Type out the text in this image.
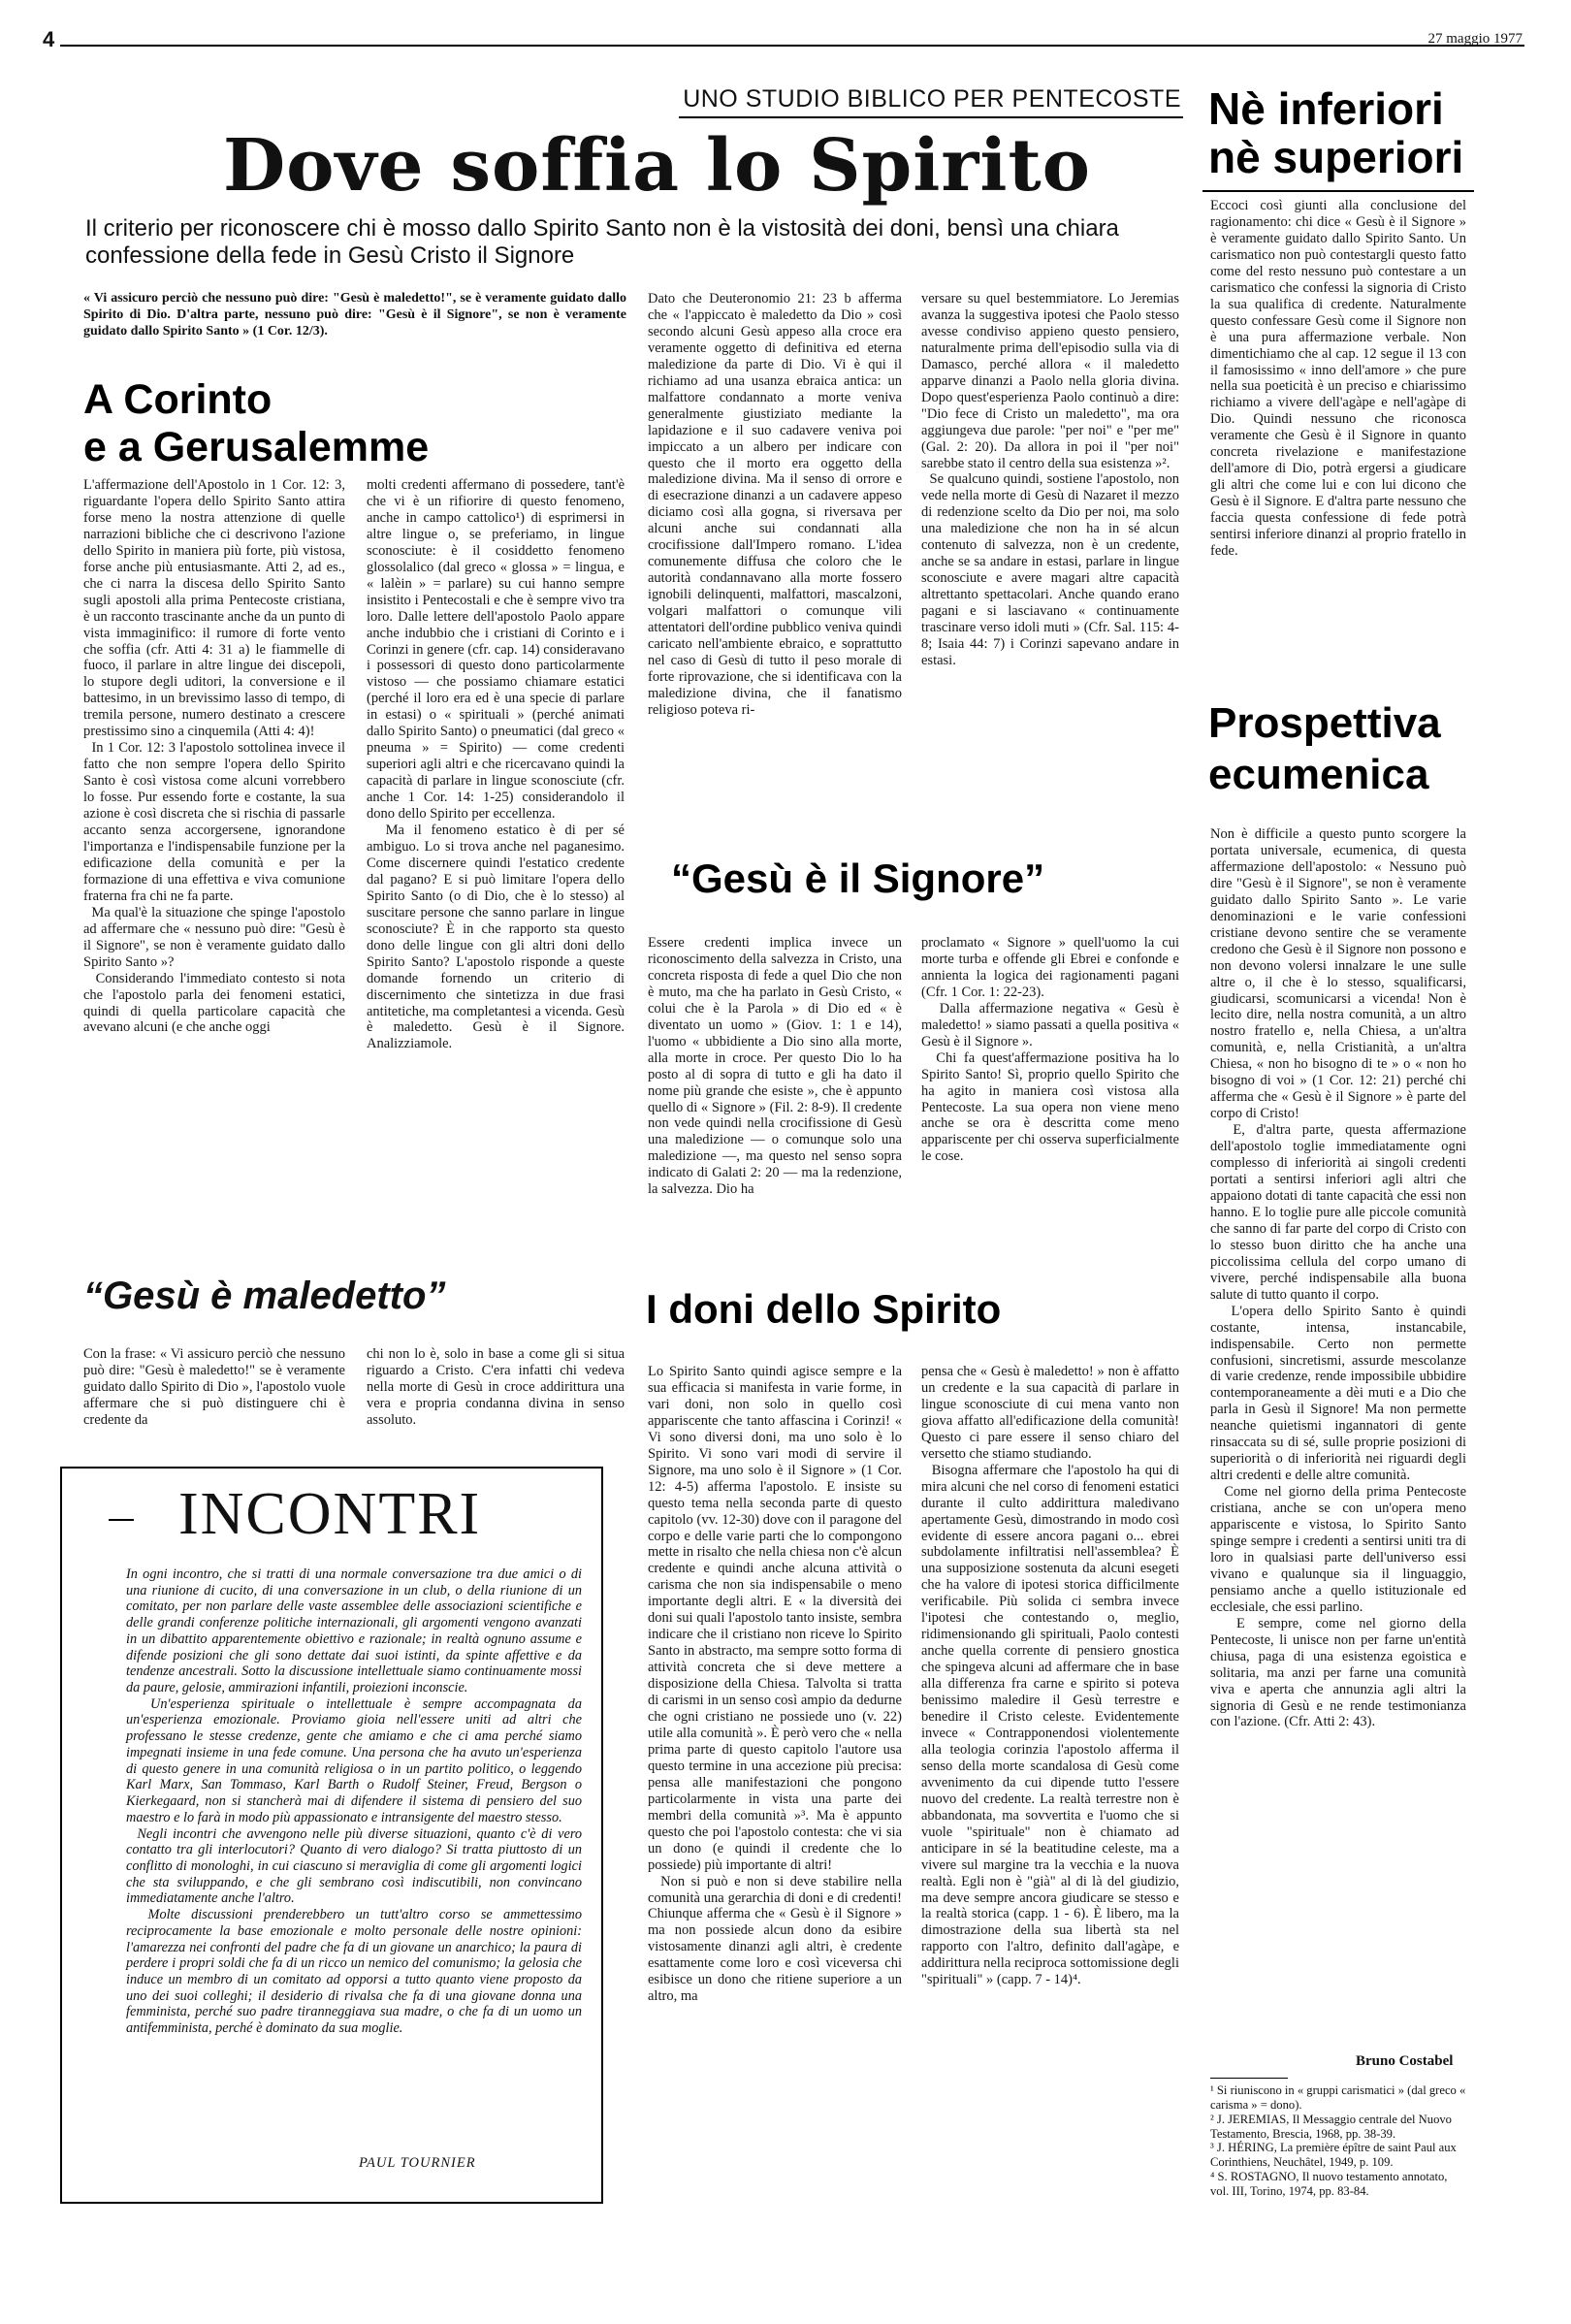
4	27 maggio 1977
UNO STUDIO BIBLICO PER PENTECOSTE
Dove soffia lo Spirito
Il criterio per riconoscere chi è mosso dallo Spirito Santo non è la vistosità dei doni, bensì una chiara confessione della fede in Gesù Cristo il Signore
« Vi assicuro perciò che nessuno può dire: "Gesù è maledetto!", se è veramente guidato dallo Spirito di Dio. D'altra parte, nessuno può dire: "Gesù è il Signore", se non è veramente guidato dallo Spirito Santo » (1 Cor. 12/3).
A Corinto
e a Gerusalemme
“Gesù è il Signore”
“Gesù è maledetto”	I doni dello Spirito
L'affermazione dell'Apostolo in 1 Cor. 12: 3, riguardante l'opera dello Spirito Santo attira forse meno la nostra attenzione di quelle narrazioni bibliche che ci descrivono l'azione dello Spirito in maniera più forte, più vistosa, forse anche più entusiasmante. Atti 2, ad es., che ci narra la discesa dello Spirito Santo sugli apostoli alla prima Pentecoste cristiana, è un racconto trascinante anche da un punto di vista immaginifico: il rumore di forte vento che soffia (cfr. Atti 4: 31 a) le fiammelle di fuoco, il parlare in altre lingue dei discepoli, lo stupore degli uditori, la conversione e il battesimo, in un brevissimo lasso di tempo, di tremila persone, numero destinato a crescere prestissimo sino a cinquemila (Atti 4: 4)!
In 1 Cor. 12: 3 l'apostolo sottolinea invece il fatto che non sempre l'opera dello Spirito Santo è così vistosa come alcuni vorrebbero lo fosse. Pur essendo forte e costante, la sua azione è così discreta che si rischia di passarle accanto senza accorgersene, ignorandone l'importanza e l'indispensabile funzione per la edificazione della comunità e per la formazione di una effettiva e viva comunione fraterna fra chi ne fa parte.
Ma qual'è la situazione che spinge l'apostolo ad affermare che « nessuno può dire: "Gesù è il Signore", se non è veramente guidato dallo Spirito Santo »?
Considerando l'immediato contesto si nota che l'apostolo parla dei fenomeni estatici, quindi di quella particolare capacità che avevano alcuni (e che anche oggi
molti credenti affermano di possedere, tant'è che vi è un rifiorire di questo fenomeno, anche in campo cattolico¹) di esprimersi in altre lingue o, se preferiamo, in lingue sconosciute: è il cosiddetto fenomeno glossolalico (dal greco « glossa » = lingua, e « lalèin » = parlare) su cui hanno sempre insistito i Pentecostali e che è sempre vivo tra loro. Dalle lettere dell'apostolo Paolo appare anche indubbio che i cristiani di Corinto e i Corinzi in genere (cfr. cap. 14) consideravano i possessori di questo dono particolarmente vistoso — che possiamo chiamare estatici (perché il loro era ed è una specie di parlare in estasi) o « spirituali » (perché animati dallo Spirito Santo) o pneumatici (dal greco « pneuma » = Spirito) — come credenti superiori agli altri e che ricercavano quindi la capacità di parlare in lingue sconosciute (cfr. anche 1 Cor. 14: 1-25) considerandolo il dono dello Spirito per eccellenza.
Ma il fenomeno estatico è di per sé ambiguo. Lo si trova anche nel paganesimo. Come discernere quindi l'estatico credente dal pagano? E si può limitare l'opera dello Spirito Santo (o di Dio, che è lo stesso) al suscitare persone che sanno parlare in lingue sconosciute? È in che rapporto sta questo dono delle lingue con gli altri doni dello Spirito Santo? L'apostolo risponde a queste domande fornendo un criterio di discernimento che sintetizza in due frasi antitetiche, ma completantesi a vicenda. Gesù è maledetto. Gesù è il Signore. Analizziamole.
Dato che Deuteronomio 21: 23 b afferma che « l'appiccato è maledetto da Dio » così secondo alcuni Gesù appeso alla croce era veramente oggetto di definitiva ed eterna maledizione da parte di Dio. Vi è qui il richiamo ad una usanza ebraica antica: un malfattore condannato a morte veniva generalmente giustiziato mediante la lapidazione e il suo cadavere veniva poi impiccato a un albero per indicare con questo che il morto era oggetto della maledizione divina. Ma il senso di orrore e di esecrazione dinanzi a un cadavere appeso diciamo così alla gogna, si riversava per alcuni anche sui condannati alla crocifissione dall'Impero romano. L'idea comunemente diffusa che coloro che le autorità condannavano alla morte fossero ignobili delinquenti, malfattori, mascalzoni, volgari malfattori o comunque vili attentatori dell'ordine pubblico veniva quindi caricato nell'ambiente ebraico, e soprattutto nel caso di Gesù di tutto il peso morale di forte riprovazione, che si identificava con la maledizione divina, che il fanatismo religioso poteva ri-
versare su quel bestemmiatore. Lo Jeremias avanza la suggestiva ipotesi che Paolo stesso avesse condiviso appieno questo pensiero, naturalmente prima dell'episodio sulla via di Damasco, perché allora « il maledetto apparve dinanzi a Paolo nella gloria divina. Dopo quest'esperienza Paolo continuò a dire: "Dio fece di Cristo un maledetto", ma ora aggiungeva due parole: "per noi" e "per me" (Gal. 2: 20). Da allora in poi il "per noi" sarebbe stato il centro della sua esistenza »².
Se qualcuno quindi, sostiene l'apostolo, non vede nella morte di Gesù di Nazaret il mezzo di redenzione scelto da Dio per noi, ma solo una maledizione che non ha in sé alcun contenuto di salvezza, non è un credente, anche se sa andare in estasi, parlare in lingue sconosciute e avere magari altre capacità altrettanto spettacolari. Anche quando erano pagani e si lasciavano « continuamente trascinare verso idoli muti » (Cfr. Sal. 115: 4-8; Isaia 44: 7) i Corinzi sapevano andare in estasi.
Essere credenti implica invece un riconoscimento della salvezza in Cristo, una concreta risposta di fede a quel Dio che non è muto, ma che ha parlato in Gesù Cristo, « colui che è la Parola » di Dio ed « è diventato un uomo » (Giov. 1: 1 e 14), l'uomo « ubbidiente a Dio sino alla morte, alla morte in croce. Per questo Dio lo ha posto al di sopra di tutto e gli ha dato il nome più grande che esiste », che è appunto quello di « Signore » (Fil. 2: 8-9). Il credente non vede quindi nella crocifissione di Gesù una maledizione — o comunque solo una maledizione —, ma questo nel senso sopra indicato di Galati 2: 20 — ma la redenzione, la salvezza. Dio ha
proclamato « Signore » quell'uomo la cui morte turba e offende gli Ebrei e confonde e annienta la logica dei ragionamenti pagani (Cfr. 1 Cor. 1: 22-23).
Dalla affermazione negativa « Gesù è maledetto! » siamo passati a quella positiva « Gesù è il Signore ».
Chi fa quest'affermazione positiva ha lo Spirito Santo! Sì, proprio quello Spirito che ha agito in maniera così vistosa alla Pentecoste. La sua opera non viene meno anche se ora è descritta come meno appariscente per chi osserva superficialmente le cose.
Con la frase: « Vi assicuro perciò che nessuno può dire: "Gesù è maledetto!" se è veramente guidato dallo Spirito di Dio », l'apostolo vuole affermare che si può distinguere chi è credente da
chi non lo è, solo in base a come gli si situa riguardo a Cristo. C'era infatti chi vedeva nella morte di Gesù in croce addirittura una vera e propria condanna divina in senso assoluto.
Lo Spirito Santo quindi agisce sempre e la sua efficacia si manifesta in varie forme, in vari doni, non solo in quello così appariscente che tanto affascina i Corinzi! « Vi sono diversi doni, ma uno solo è lo Spirito. Vi sono vari modi di servire il Signore, ma uno solo è il Signore » (1 Cor. 12: 4-5) afferma l'apostolo. E insiste su questo tema nella seconda parte di questo capitolo (vv. 12-30) dove con il paragone del corpo e delle varie parti che lo compongono mette in risalto che nella chiesa non c'è alcun credente e quindi anche alcuna attività o carisma che non sia indispensabile o meno importante degli altri. E « la diversità dei doni sui quali l'apostolo tanto insiste, sembra indicare che il cristiano non riceve lo Spirito Santo in abstracto, ma sempre sotto forma di attività concreta che si deve mettere a disposizione della Chiesa. Talvolta si tratta di carismi in un senso così ampio da dedurne che ogni cristiano ne possiede uno (v. 22) utile alla comunità ». È però vero che « nella prima parte di questo capitolo l'autore usa questo termine in una accezione più precisa: pensa alle manifestazioni che pongono particolarmente in vista una parte dei membri della comunità »³. Ma è appunto questo che poi l'apostolo contesta: che vi sia un dono (e quindi il credente che lo possiede) più importante di altri!
Non si può e non si deve stabilire nella comunità una gerarchia di doni e di credenti! Chiunque afferma che « Gesù è il Signore » ma non possiede alcun dono da esibire vistosamente dinanzi agli altri, è credente esattamente come loro e così viceversa chi esibisce un dono che ritiene superiore a un altro, ma
pensa che « Gesù è maledetto! » non è affatto un credente e la sua capacità di parlare in lingue sconosciute di cui mena vanto non giova affatto all'edificazione della comunità! Questo ci pare essere il senso chiaro del versetto che stiamo studiando.
Bisogna affermare che l'apostolo ha qui di mira alcuni che nel corso di fenomeni estatici durante il culto addirittura maledivano apertamente Gesù, dimostrando in modo così evidente di essere ancora pagani o... ebrei subdolamente infiltratisi nell'assemblea? È una supposizione sostenuta da alcuni esegeti che ha valore di ipotesi storica difficilmente verificabile. Più solida ci sembra invece l'ipotesi che contestando o, meglio, ridimensionando gli spirituali, Paolo contesti anche quella corrente di pensiero gnostica che spingeva alcuni ad affermare che in base alla differenza fra carne e spirito si poteva benissimo maledire il Gesù terrestre e benedire il Cristo celeste. Evidentemente invece « Contrapponendosi violentemente alla teologia corinzia l'apostolo afferma il senso della morte scandalosa di Gesù come avvenimento da cui dipende tutto l'essere nuovo del credente. La realtà terrestre non è abbandonata, ma sovvertita e l'uomo che si vuole "spirituale" non è chiamato ad anticipare in sé la beatitudine celeste, ma a vivere sul margine tra la vecchia e la nuova realtà. Egli non è "già" al di là del giudizio, ma deve sempre ancora giudicare se stesso e la realtà storica (capp. 1 - 6). È libero, ma la dimostrazione della sua libertà sta nel rapporto con l'altro, definito dall'agàpe, e addirittura nella reciproca sottomissione degli "spirituali" » (capp. 7 - 14)⁴.
Nè inferiori
nè superiori
Eccoci così giunti alla conclusione del ragionamento: chi dice « Gesù è il Signore » è veramente guidato dallo Spirito Santo. Un carismatico non può contestargli questo fatto come del resto nessuno può contestare a un carismatico che confessi la signoria di Cristo la sua qualifica di credente. Naturalmente questo confessare Gesù come il Signore non è una pura affermazione verbale. Non dimentichiamo che al cap. 12 segue il 13 con il famosissimo « inno dell'amore » che pure nella sua poeticità è un preciso e chiarissimo richiamo a vivere dell'agàpe e nell'agàpe di Dio. Quindi nessuno che riconosca veramente che Gesù è il Signore in quanto concreta rivelazione e manifestazione dell'amore di Dio, potrà ergersi a giudicare gli altri che come lui e con lui dicono che Gesù è il Signore. E d'altra parte nessuno che faccia questa confessione di fede potrà sentirsi inferiore dinanzi al proprio fratello in fede.
Prospettiva
ecumenica
Non è difficile a questo punto scorgere la portata universale, ecumenica, di questa affermazione dell'apostolo: « Nessuno può dire "Gesù è il Signore", se non è veramente guidato dallo Spirito Santo ». Le varie denominazioni e le varie confessioni cristiane devono sentire che se veramente credono che Gesù è il Signore non possono e non devono volersi innalzare le une sulle altre o, il che è lo stesso, squalificarsi, giudicarsi, scomunicarsi a vicenda! Non è lecito dire, nella nostra comunità, a un altro nostro fratello e, nella Chiesa, a un'altra comunità, e, nella Cristianità, a un'altra Chiesa, « non ho bisogno di te » o « non ho bisogno di voi » (1 Cor. 12: 21) perché chi afferma che « Gesù è il Signore » è parte del corpo di Cristo!
E, d'altra parte, questa affermazione dell'apostolo toglie immediatamente ogni complesso di inferiorità ai singoli credenti portati a sentirsi inferiori agli altri che appaiono dotati di tante capacità che essi non hanno. E lo toglie pure alle piccole comunità che sanno di far parte del corpo di Cristo con lo stesso buon diritto che ha anche una piccolissima cellula del corpo umano di vivere, perché indispensabile alla buona salute di tutto quanto il corpo.
L'opera dello Spirito Santo è quindi costante, intensa, instancabile, indispensabile. Certo non permette confusioni, sincretismi, assurde mescolanze di varie credenze, rende impossibile ubbidire contemporaneamente a dèi muti e a Dio che parla in Gesù il Signore! Ma non permette neanche quietismi ingannatori di gente rinsaccata su di sé, sulle proprie posizioni di superiorità o di inferiorità nei riguardi degli altri credenti e delle altre comunità.
Come nel giorno della prima Pentecoste cristiana, anche se con un'opera meno appariscente e vistosa, lo Spirito Santo spinge sempre i credenti a sentirsi uniti tra di loro in qualsiasi parte dell'universo essi vivano e qualunque sia il linguaggio, pensiamo anche a quello istituzionale ed ecclesiale, che essi parlino.
E sempre, come nel giorno della Pentecoste, li unisce non per farne un'entità chiusa, paga di una esistenza egoistica e solitaria, ma anzi per farne una comunità viva e aperta che annunzia agli altri la signoria di Gesù e ne rende testimonianza con l'azione. (Cfr. Atti 2: 43).
Bruno Costabel
¹ Si riuniscono in « gruppi carismatici » (dal greco « carisma » = dono).
² J. JEREMIAS, Il Messaggio centrale del Nuovo Testamento, Brescia, 1968, pp. 38-39.
³ J. HÉRING, La première épître de saint Paul aux Corinthiens, Neuchâtel, 1949, p. 109.
⁴ S. ROSTAGNO, Il nuovo testamento annotato, vol. III, Torino, 1974, pp. 83-84.
INCONTRI
In ogni incontro, che si tratti di una normale conversazione tra due amici o di una riunione di cucito, di una conversazione in un club, o della riunione di un comitato, per non parlare delle vaste assemblee delle associazioni scientifiche e delle grandi conferenze politiche internazionali, gli argomenti vengono avanzati in un dibattito apparentemente obiettivo e razionale; in realtà ognuno assume e difende posizioni che gli sono dettate dai suoi istinti, da spinte affettive e da tendenze ancestrali. Sotto la discussione intellettuale siamo continuamente mossi da paure, gelosie, ammirazioni infantili, proiezioni inconscie.
Un'esperienza spirituale o intellettuale è sempre accompagnata da un'esperienza emozionale. Proviamo gioia nell'essere uniti ad altri che professano le stesse credenze, gente che amiamo e che ci ama perché siamo impegnati insieme in una fede comune. Una persona che ha avuto un'esperienza di questo genere in una comunità religiosa o in un partito politico, o leggendo Karl Marx, San Tommaso, Karl Barth o Rudolf Steiner, Freud, Bergson o Kierkegaard, non si stancherà mai di difendere il sistema di pensiero del suo maestro e lo farà in modo più appassionato e intransigente del maestro stesso.
Negli incontri che avvengono nelle più diverse situazioni, quanto c'è di vero contatto tra gli interlocutori? Quanto di vero dialogo? Si tratta piuttosto di un conflitto di monologhi, in cui ciascuno si meraviglia di come gli argomenti logici che sta sviluppando, e che gli sembrano così indiscutibili, non convincano immediatamente anche l'altro.
Molte discussioni prenderebbero un tutt'altro corso se ammettessimo reciprocamente la base emozionale e molto personale delle nostre opinioni: l'amarezza nei confronti del padre che fa di un giovane un anarchico; la paura di perdere i propri soldi che fa di un ricco un nemico del comunismo; la gelosia che induce un membro di un comitato ad opporsi a tutto quanto viene proposto da uno dei suoi colleghi; il desiderio di rivalsa che fa di una giovane donna una femminista, perché suo padre tiranneggiava sua madre, o che fa di un uomo un antifemminista, perché è dominato da sua moglie.
PAUL TOURNIER
